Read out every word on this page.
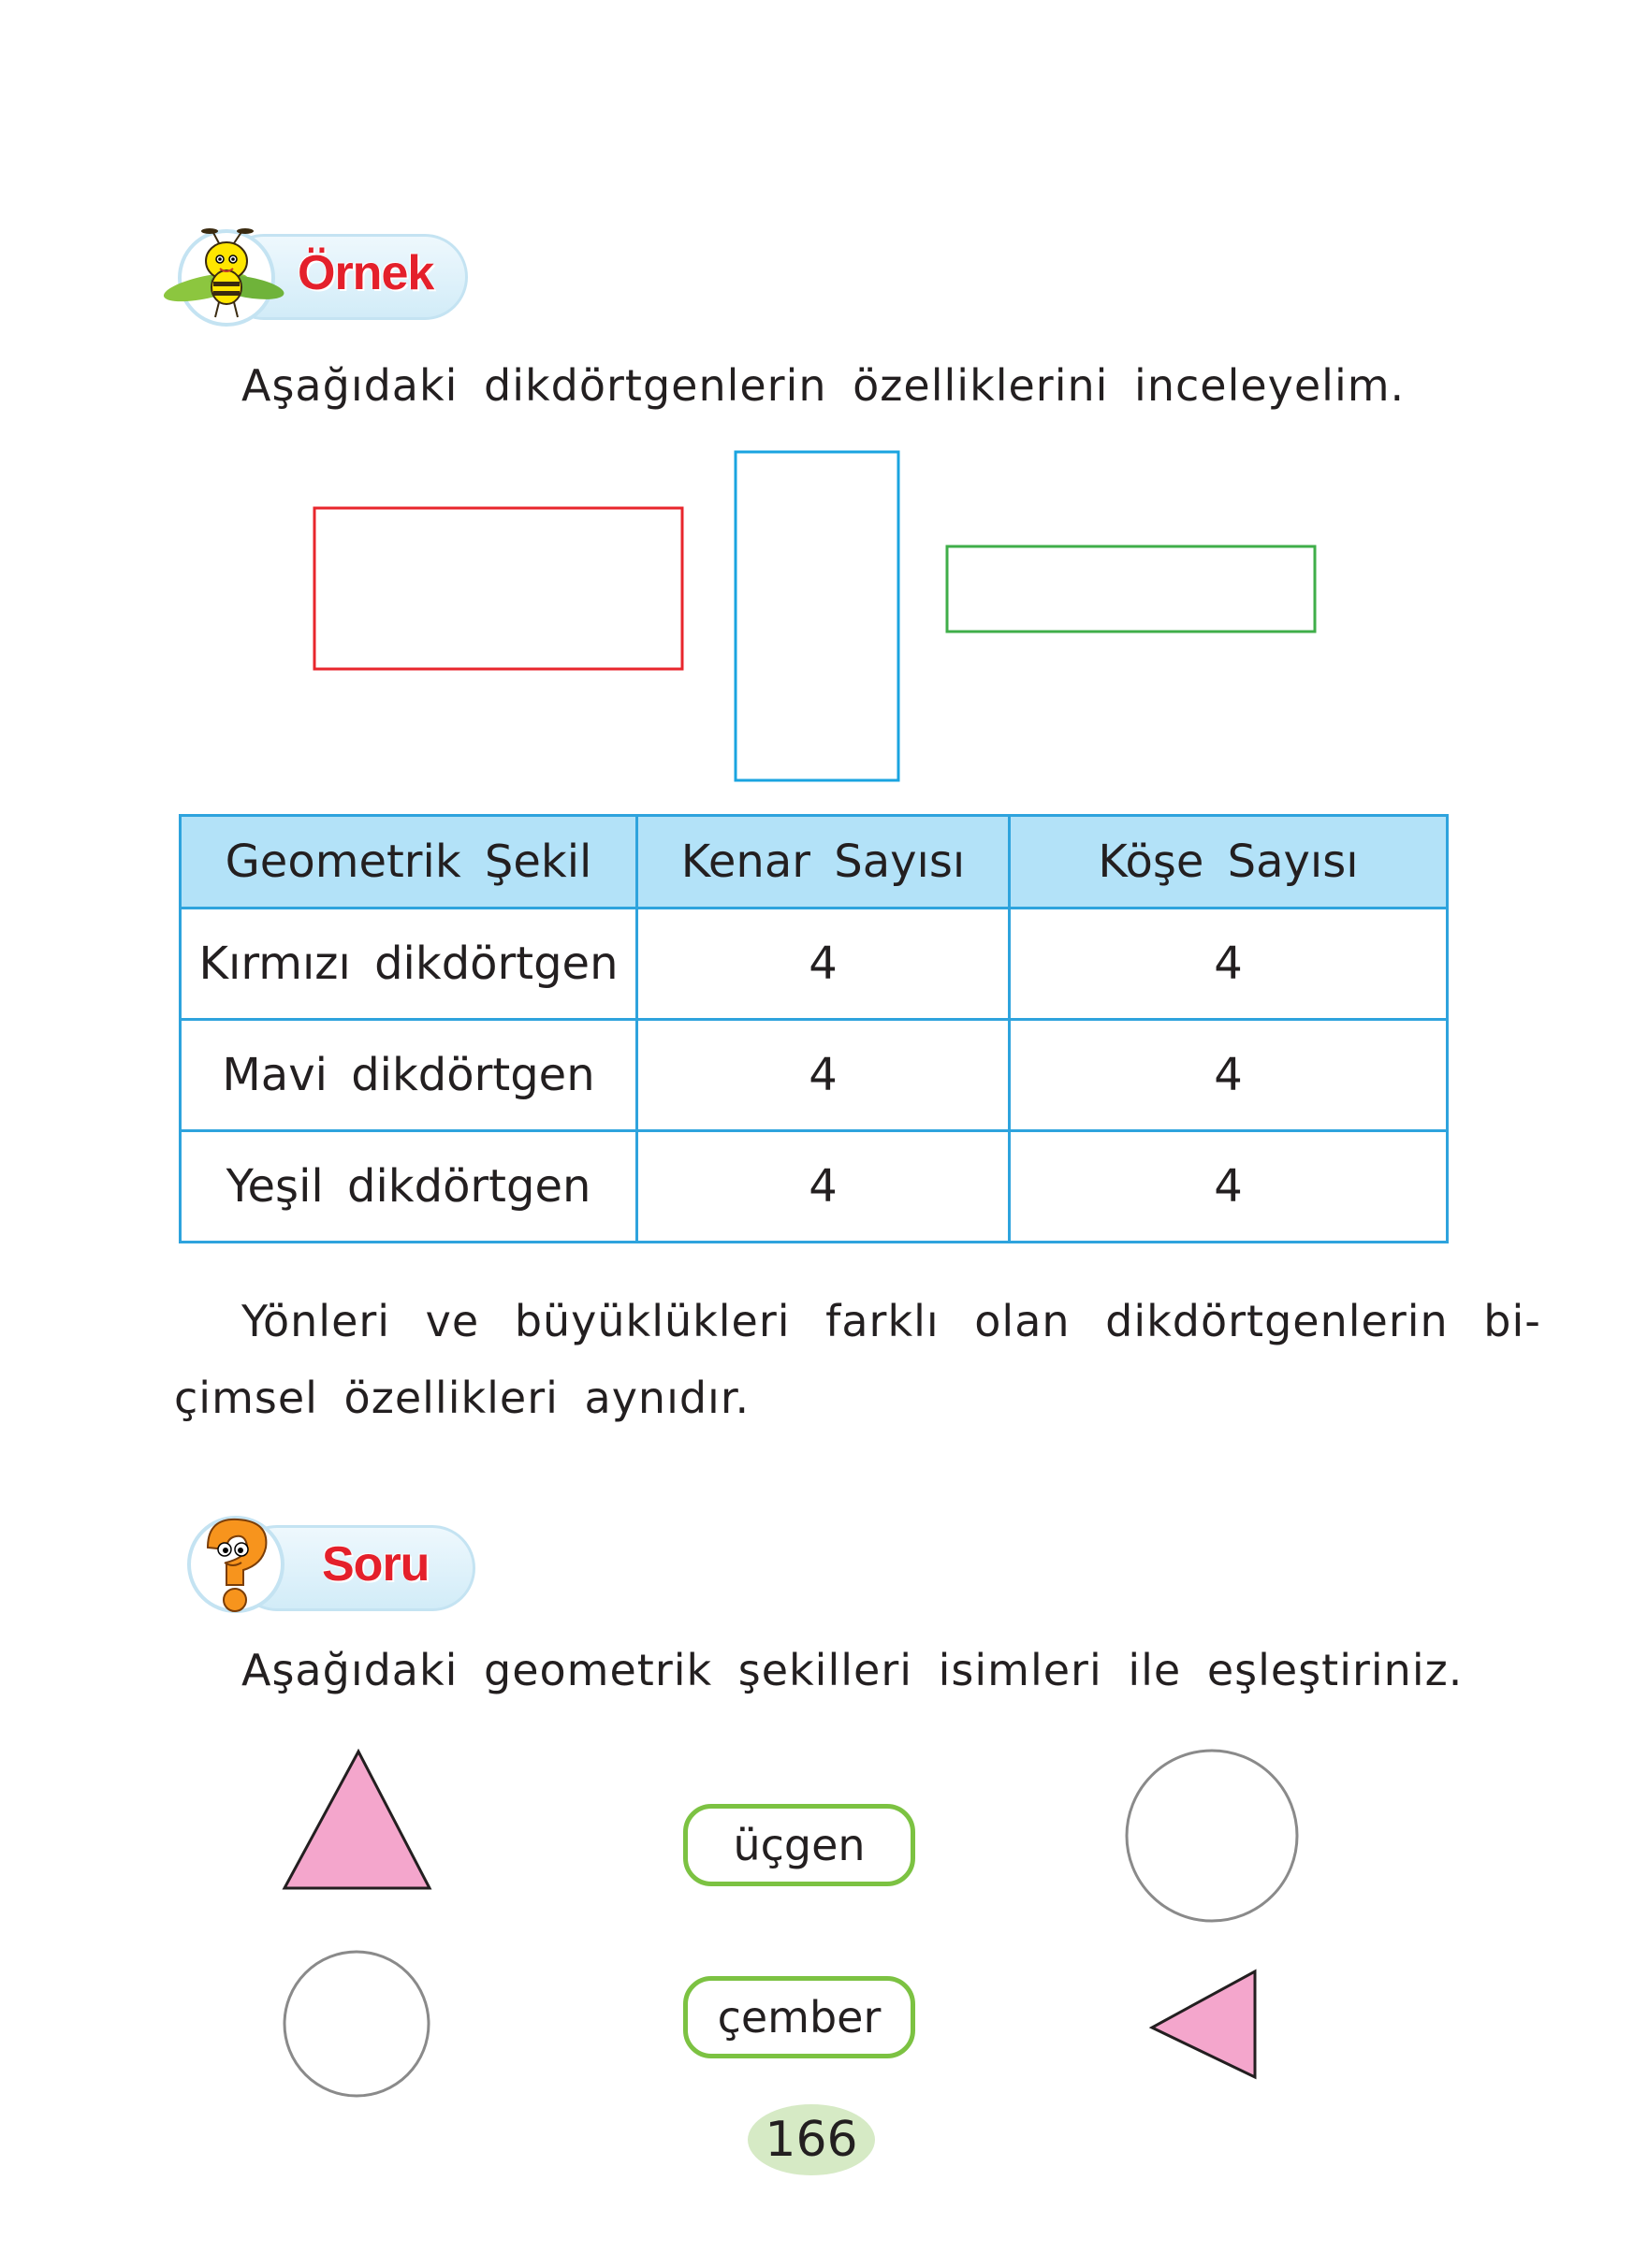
Örnek
Aşağıdaki dikdörtgenlerin özelliklerini inceleyelim.
Geometrik Şekil	Kenar Sayısı	Köşe Sayısı
Kırmızı dikdörtgen	4	4
Mavi dikdörtgen	4	4
Yeşil dikdörtgen	4	4
Yönleri ve büyüklükleri farklı olan dikdörtgenlerin bi-
çimsel özellikleri aynıdır.
Soru
Aşağıdaki geometrik şekilleri isimleri ile eşleştiriniz.
üçgen
çember
166
